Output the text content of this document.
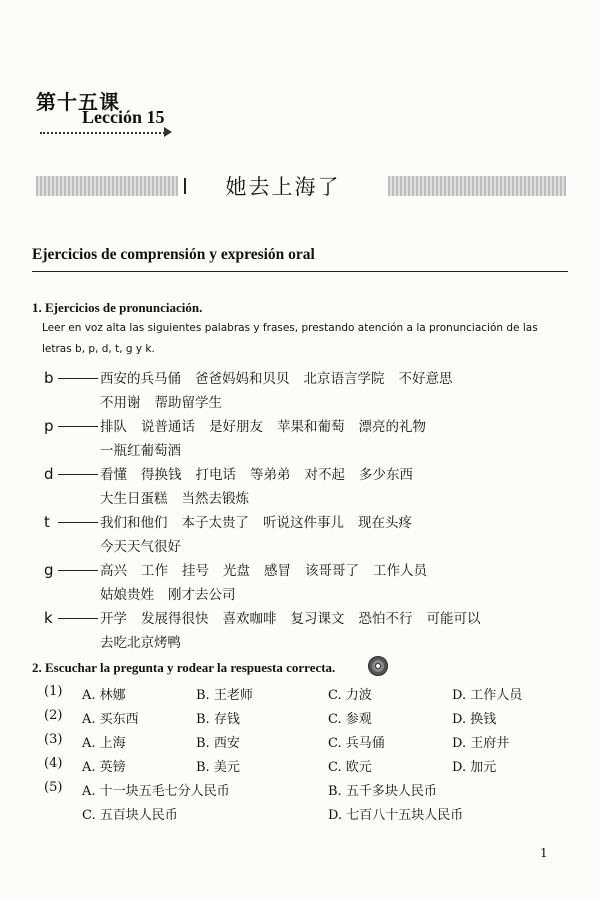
第十五课
Lección 15
她去上海了
Ejercicios de comprensión y expresión oral
1. Ejercicios de pronunciación.
Leer en voz alta las siguientes palabras y frases, prestando atención a la pronunciación de las letras b, p, d, t, g y k.
b	西安的兵马俑 爸爸妈妈和贝贝 北京语言学院 不好意思
不用谢 帮助留学生
p	排队 说普通话 是好朋友 苹果和葡萄 漂亮的礼物
一瓶红葡萄酒
d	看懂 得换钱 打电话 等弟弟 对不起 多少东西
大生日蛋糕 当然去锻炼
t	我们和他们 本子太贵了 听说这件事儿 现在头疼
今天天气很好
g	高兴 工作 挂号 光盘 感冒 该哥哥了 工作人员
姑娘贵姓 刚才去公司
k	开学 发展得很快 喜欢咖啡 复习课文 恐怕不行 可能可以
去吃北京烤鸭
2. Escuchar la pregunta y rodear la respuesta correcta.
(1) A. 林娜	B. 王老师	C. 力波	D. 工作人员
(2) A. 买东西	B. 存钱	C. 参观	D. 换钱
(3) A. 上海	B. 西安	C. 兵马俑	D. 王府井
(4) A. 英镑	B. 美元	C. 欧元	D. 加元
(5) A. 十一块五毛七分人民币	B. 五千多块人民币
C. 五百块人民币	D. 七百八十五块人民币
1
